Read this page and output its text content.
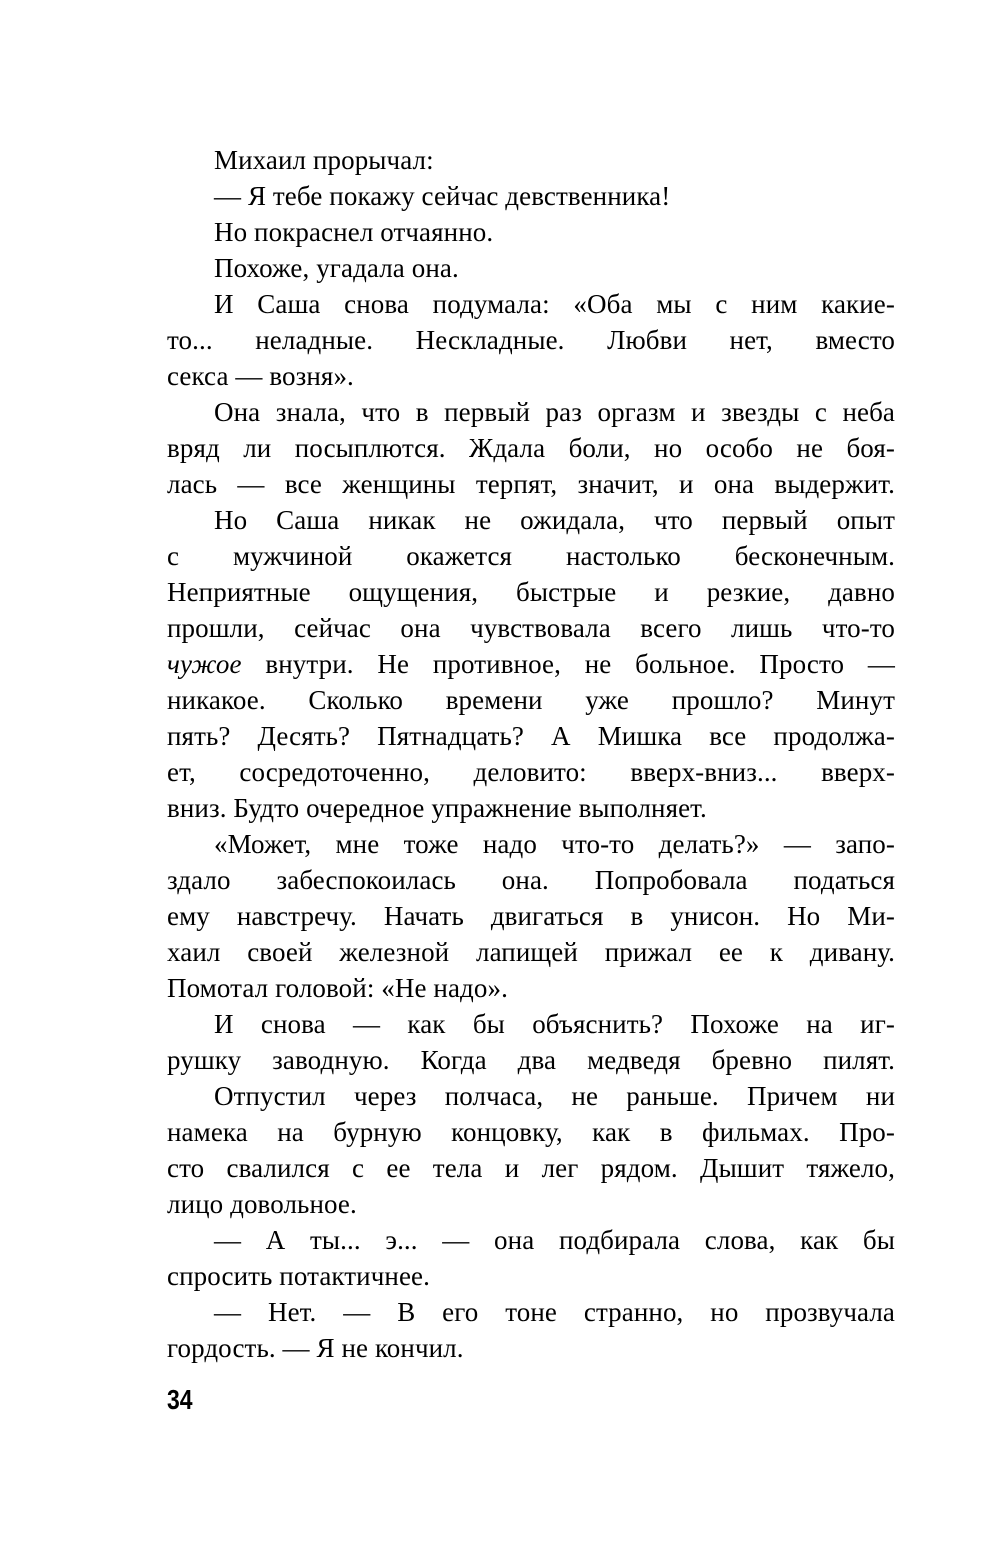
Михаил прорычал:
— Я тебе покажу сейчас девственника!
Но покраснел отчаянно.
Похоже, угадала она.
И Саша снова подумала: «Оба мы с ним какие-
то... неладные. Нескладные. Любви нет, вместо
секса — возня».
Она знала, что в первый раз оргазм и звезды с неба
вряд ли посыплются. Ждала боли, но особо не боя-
лась — все женщины терпят, значит, и она выдержит.
Но Саша никак не ожидала, что первый опыт
с мужчиной окажется настолько бесконечным.
Неприятные ощущения, быстрые и резкие, давно
прошли, сейчас она чувствовала всего лишь что-то
чужое внутри. Не противное, не больное. Просто —
никакое. Сколько времени уже прошло? Минут
пять? Десять? Пятнадцать? А Мишка все продолжа-
ет, сосредоточенно, деловито: вверх-вниз... вверх-
вниз. Будто очередное упражнение выполняет.
«Может, мне тоже надо что-то делать?» — запо-
здало забеспокоилась она. Попробовала податься
ему навстречу. Начать двигаться в унисон. Но Ми-
хаил своей железной лапищей прижал ее к дивану.
Помотал головой: «Не надо».
И снова — как бы объяснить? Похоже на иг-
рушку заводную. Когда два медведя бревно пилят.
Отпустил через полчаса, не раньше. Причем ни
намека на бурную концовку, как в фильмах. Про-
сто свалился с ее тела и лег рядом. Дышит тяжело,
лицо довольное.
— А ты... э... — она подбирала слова, как бы
спросить потактичнее.
— Нет. — В его тоне странно, но прозвучала
гордость. — Я не кончил.
34
